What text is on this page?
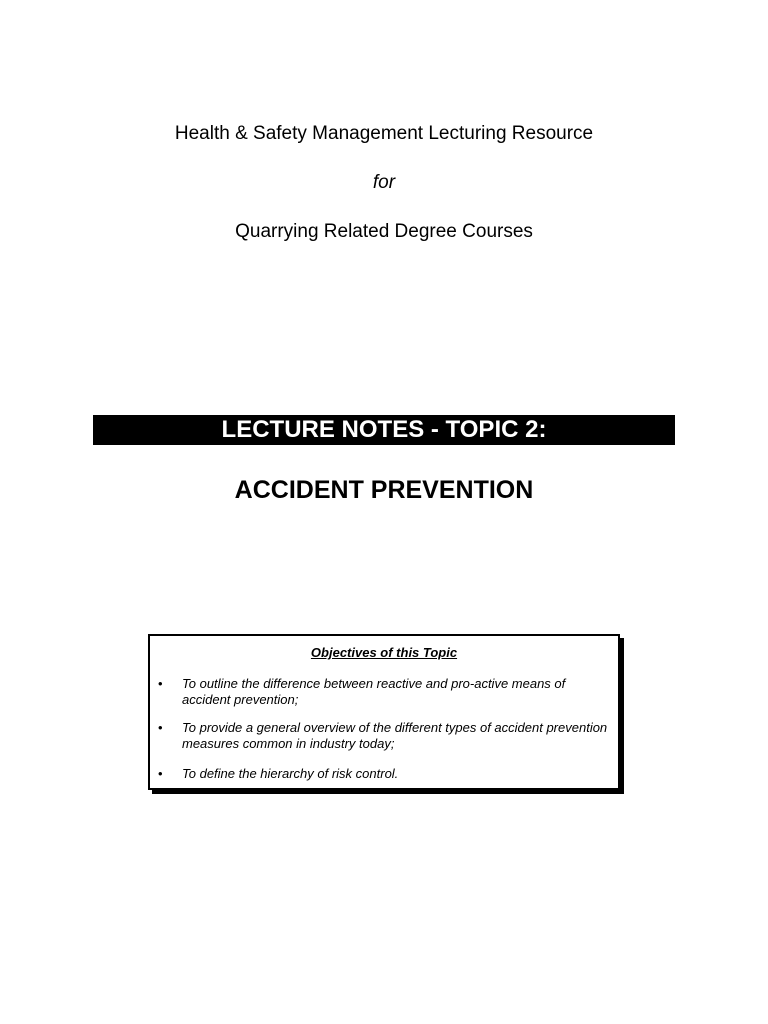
Health & Safety Management Lecturing Resource
for
Quarrying Related Degree Courses
LECTURE NOTES - TOPIC 2:
ACCIDENT PREVENTION
Objectives of this Topic
• To outline the difference between reactive and pro-active means of accident prevention;
• To provide a general overview of the different types of accident prevention measures common in industry today;
• To define the hierarchy of risk control.
